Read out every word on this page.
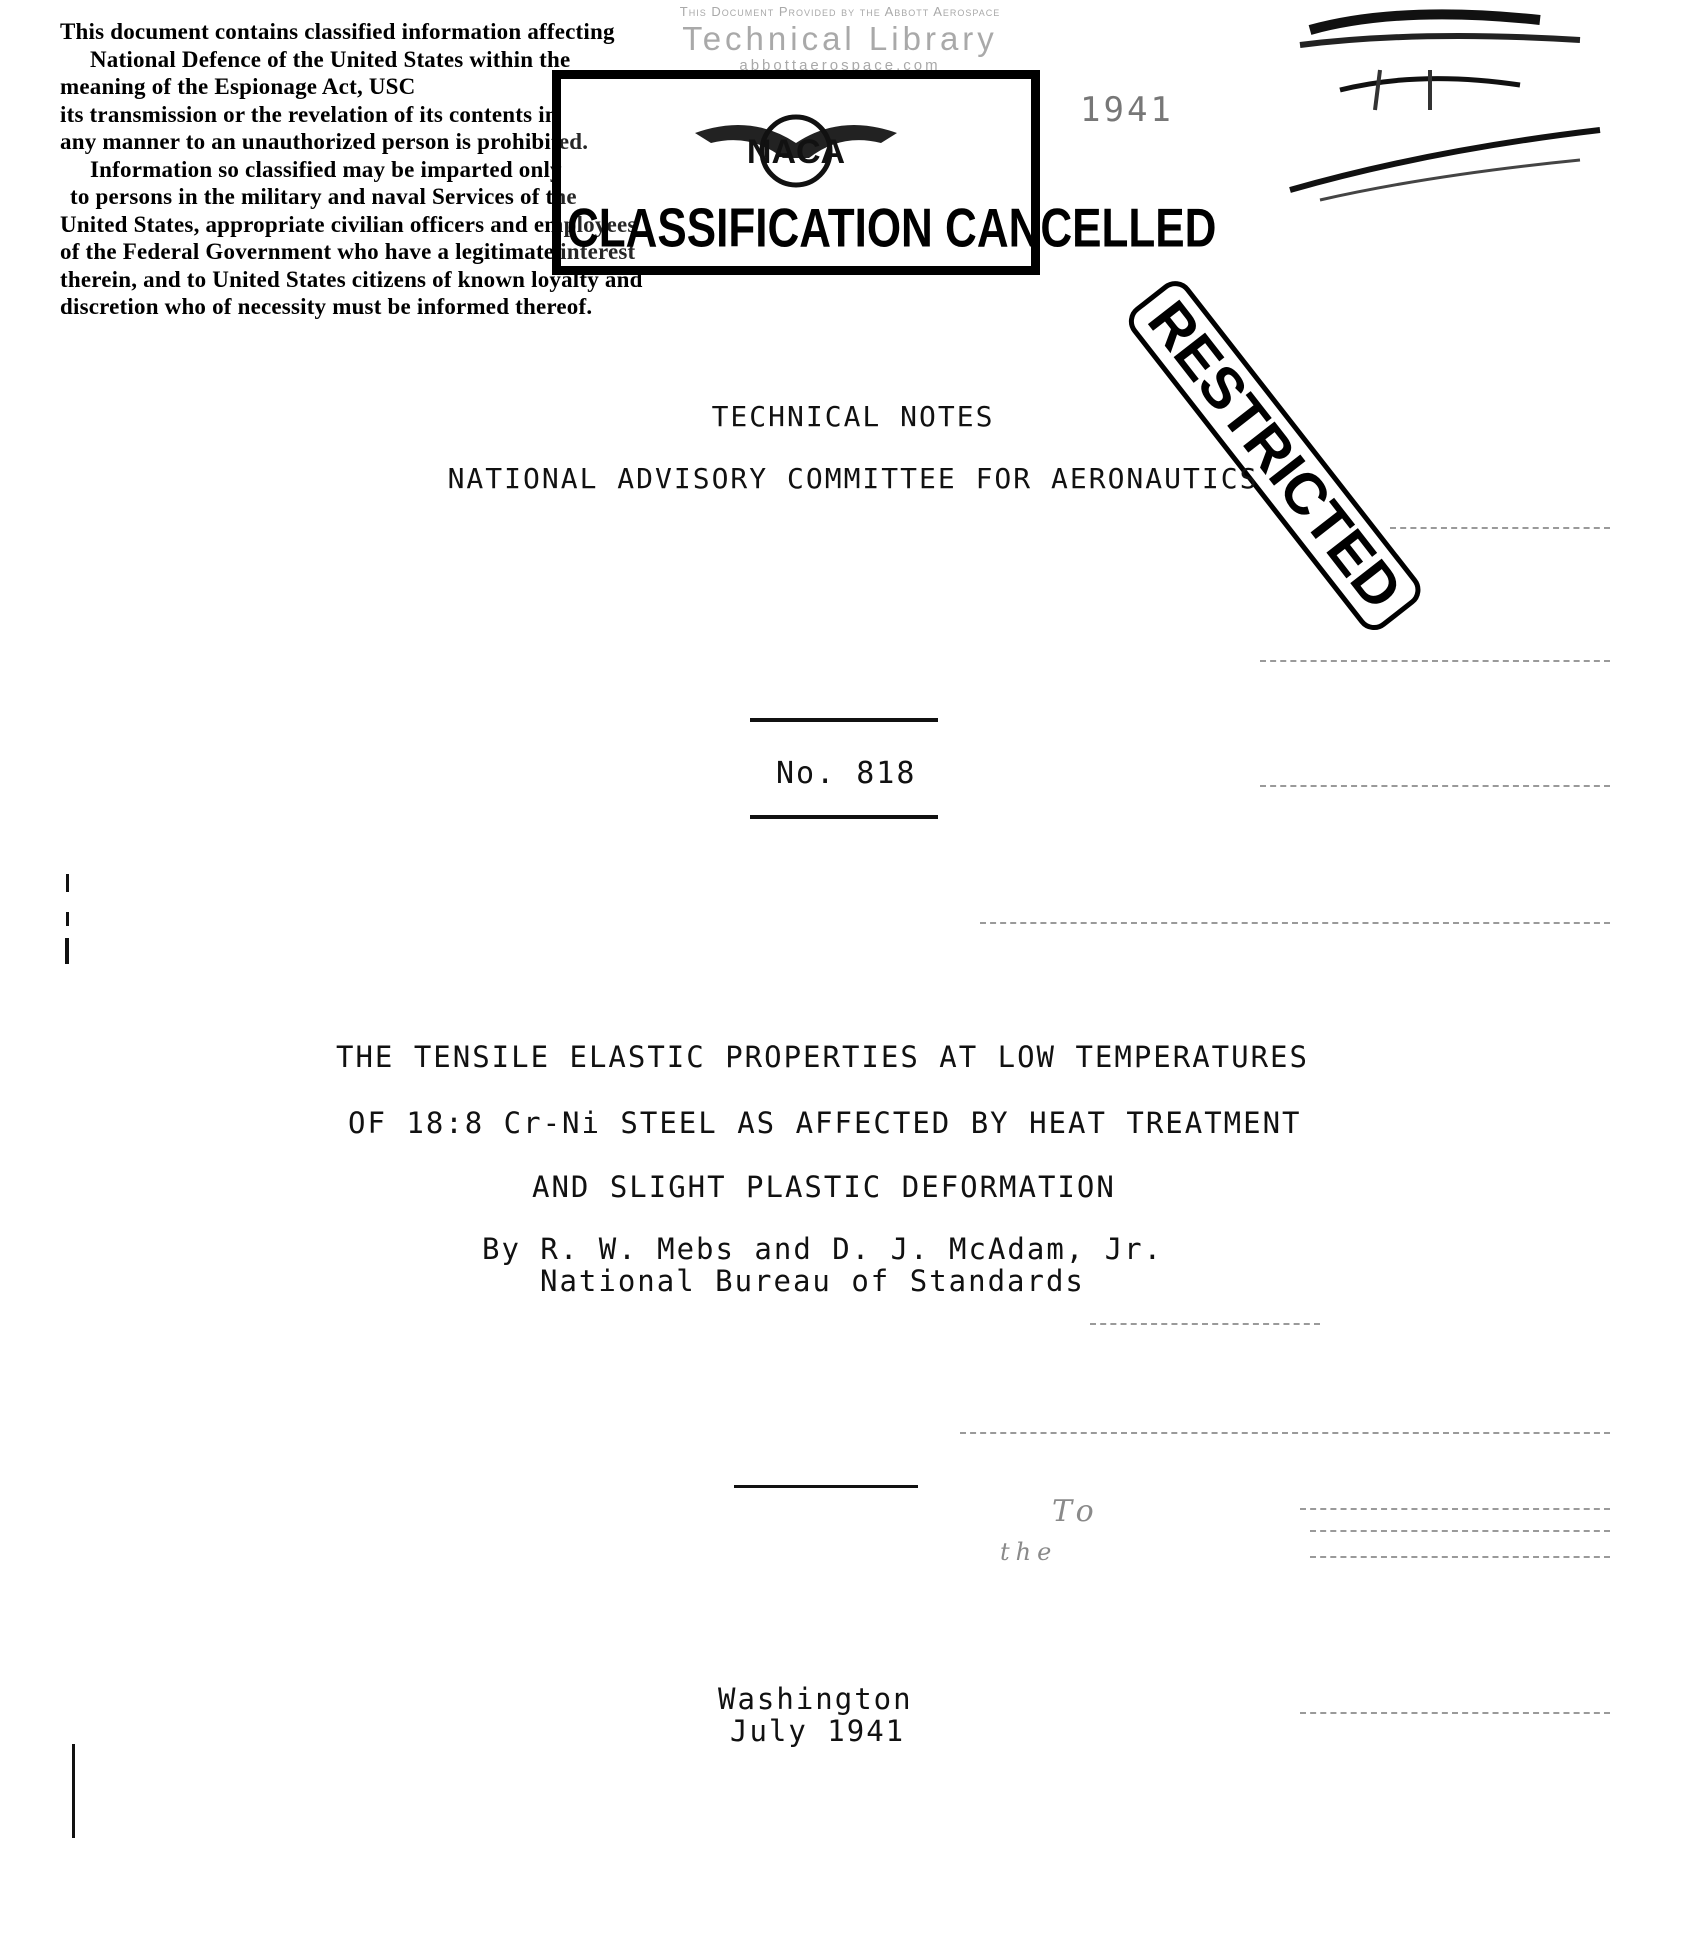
This Document Provided by the Abbott Aerospace
Technical Library
abbottaerospace.com
This document contains classified information affecting
National Defence of the United States within the
meaning of the Espionage Act, USC
its transmission or the revelation of its contents in
any manner to an unauthorized person is prohibited.
Information so classified may be imparted only
to persons in the military and naval Services of the
United States, appropriate civilian officers and employees
of the Federal Government who have a legitimate interest
therein, and to United States citizens of known loyalty and
discretion who of necessity must be informed thereof.
NACA
CLASSIFICATION CANCELLED
1941
RESTRICTED
TECHNICAL NOTES
NATIONAL ADVISORY COMMITTEE FOR AERONAUTICS
No. 818
THE TENSILE ELASTIC PROPERTIES AT LOW TEMPERATURES
OF 18:8 Cr-Ni STEEL AS AFFECTED BY HEAT TREATMENT
AND SLIGHT PLASTIC DEFORMATION
By R. W. Mebs and D. J. McAdam, Jr.
National Bureau of Standards
To
the
Washington
July 1941
